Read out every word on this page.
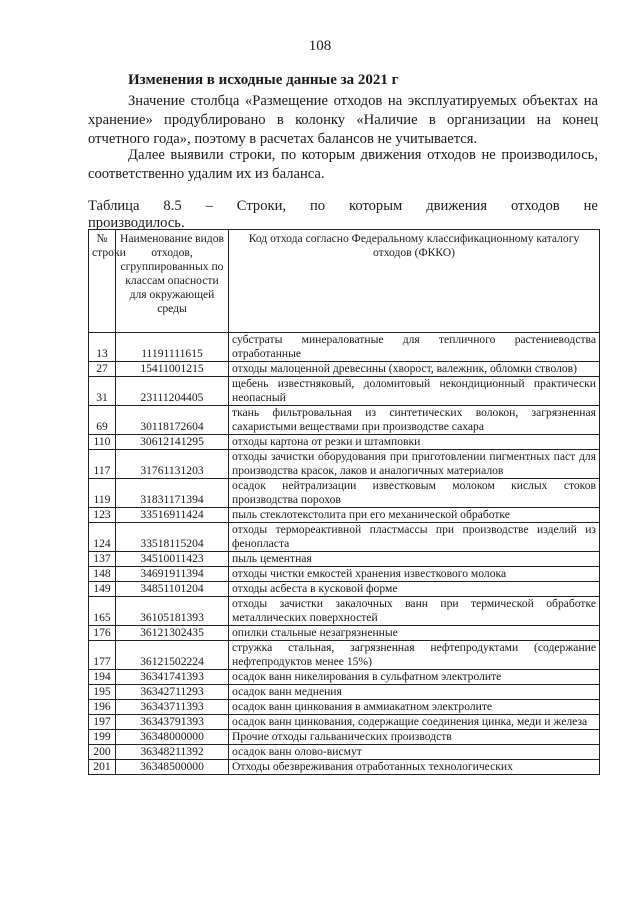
108
Изменения в исходные данные за 2021 г
Значение столбца «Размещение отходов на эксплуатируемых объектах на хранение» продублировано в колонку «Наличие в организации на конец отчетного года», поэтому в расчетах балансов не учитывается.
Далее выявили строки, по которым движения отходов не производилось, соответственно удалим их из баланса.
Таблица 8.5 – Строки, по которым движения отходов не
производилось.
№ строки	Наименование видов отходов, сгруппированных по классам опасности для окружающей среды	Код отхода согласно Федеральному классификационному каталогу отходов (ФККО)
13	11191111615	субстраты минераловатные для тепличного растениеводства отработанные
27	15411001215	отходы малоценной древесины (хворост, валежник, обломки стволов)
31	23111204405	щебень известняковый, доломитовый некондиционный практически неопасный
69	30118172604	ткань фильтровальная из синтетических волокон, загрязненная сахаристыми веществами при производстве сахара
110	30612141295	отходы картона от резки и штамповки
117	31761131203	отходы зачистки оборудования при приготовлении пигментных паст для производства красок, лаков и аналогичных материалов
119	31831171394	осадок нейтрализации известковым молоком кислых стоков производства порохов
123	33516911424	пыль стеклотекстолита при его механической обработке
124	33518115204	отходы термореактивной пластмассы при производстве изделий из фенопласта
137	34510011423	пыль цементная
148	34691911394	отходы чистки емкостей хранения известкового молока
149	34851101204	отходы асбеста в кусковой форме
165	36105181393	отходы зачистки закалочных ванн при термической обработке металлических поверхностей
176	36121302435	опилки стальные незагрязненные
177	36121502224	стружка стальная, загрязненная нефтепродуктами (содержание нефтепродуктов менее 15%)
194	36341741393	осадок ванн никелирования в сульфатном электролите
195	36342711293	осадок ванн меднения
196	36343711393	осадок ванн цинкования в аммиакатном электролите
197	36343791393	осадок ванн цинкования, содержащие соединения цинка, меди и железа
199	36348000000	Прочие отходы гальванических производств
200	36348211392	осадок ванн олово-висмут
201	36348500000	Отходы обезвреживания отработанных технологических
